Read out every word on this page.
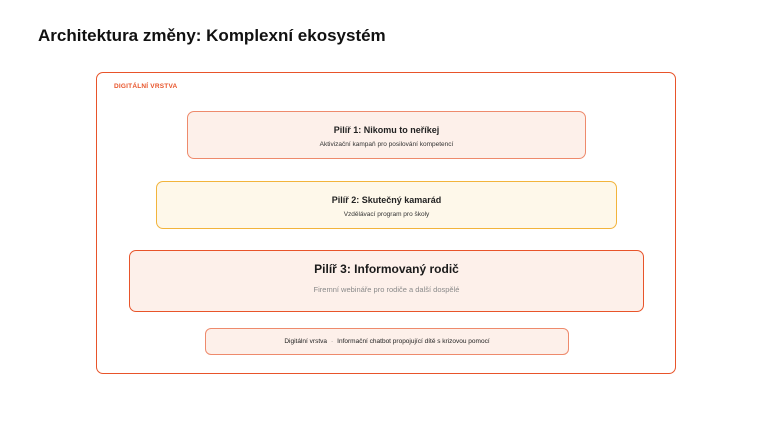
Architektura změny: Komplexní ekosystém
DIGITÁLNÍ VRSTVA
Pilíř 1: Nikomu to neříkej
Aktivizační kampaň pro posilování kompetencí
Pilíř 2: Skutečný kamarád
Vzdělávací program pro školy
Pilíř 3: Informovaný rodič
Firemní webináře pro rodiče a další dospělé
Digitální vrstva · Informační chatbot propojující dítě s krizovou pomocí
